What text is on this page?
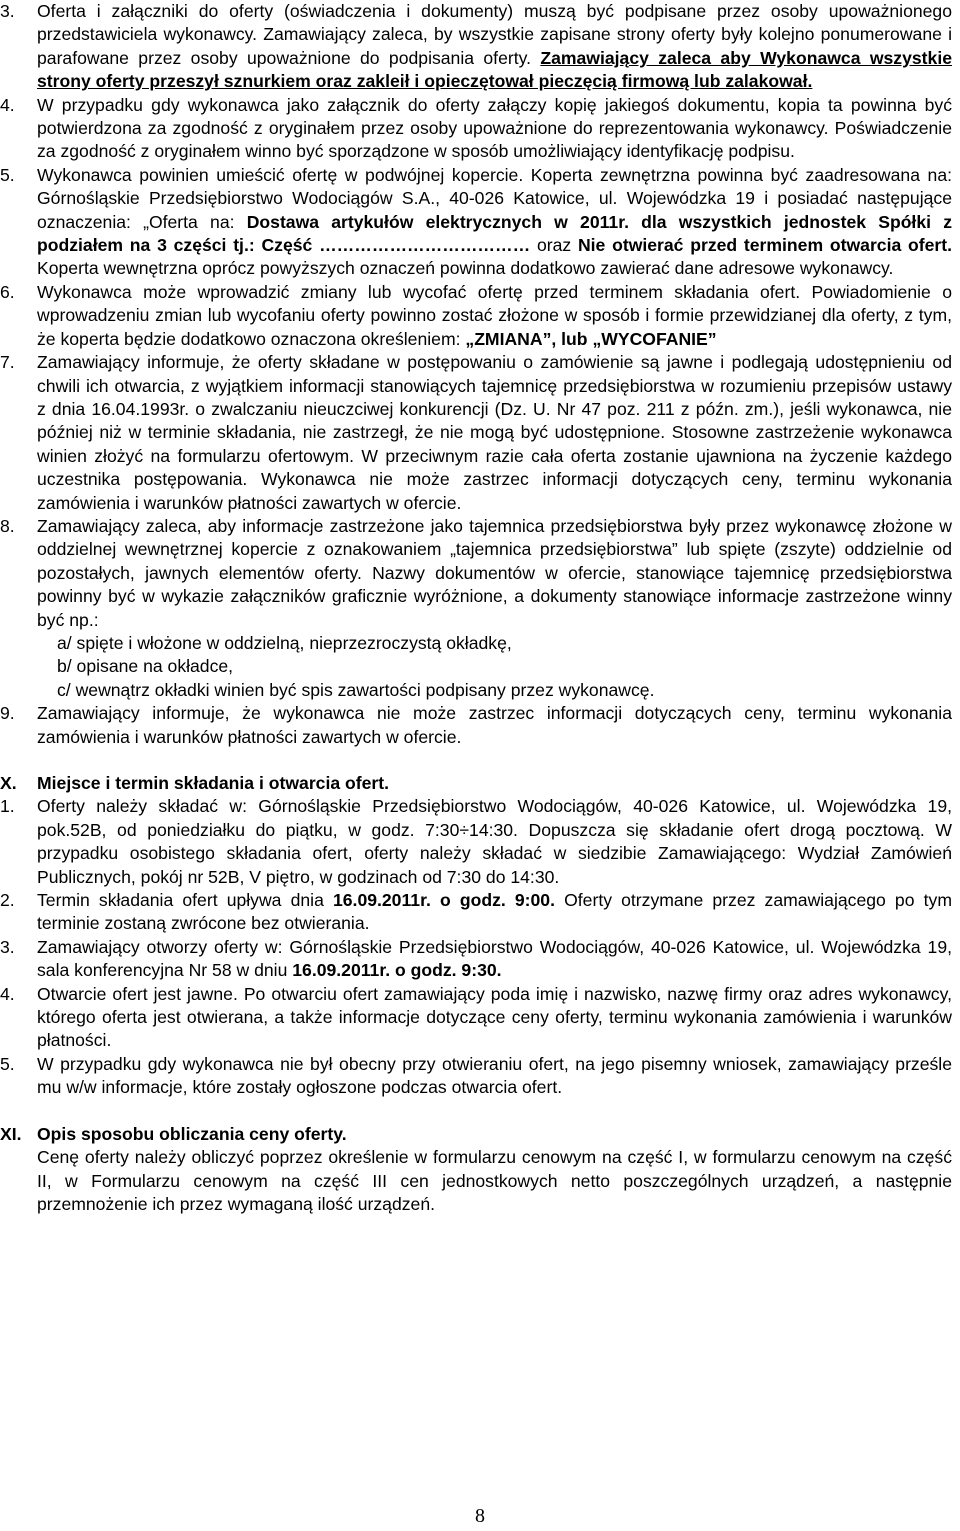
3. Oferta i załączniki do oferty (oświadczenia i dokumenty) muszą być podpisane przez osoby upoważnionego przedstawiciela wykonawcy. Zamawiający zaleca, by wszystkie zapisane strony oferty były kolejno ponumerowane i parafowane przez osoby upoważnione do podpisania oferty. Zamawiający zaleca aby Wykonawca wszystkie strony oferty przeszył sznurkiem oraz zakleił i opieczętował pieczęcią firmową lub zalakował.
4. W przypadku gdy wykonawca jako załącznik do oferty załączy kopię jakiegoś dokumentu, kopia ta powinna być potwierdzona za zgodność z oryginałem przez osoby upoważnione do reprezentowania wykonawcy. Poświadczenie za zgodność z oryginałem winno być sporządzone w sposób umożliwiający identyfikację podpisu.
5. Wykonawca powinien umieścić ofertę w podwójnej kopercie. Koperta zewnętrzna powinna być zaadresowana na: Górnośląskie Przedsiębiorstwo Wodociągów S.A., 40-026 Katowice, ul. Wojewódzka 19 i posiadać następujące oznaczenia: „Oferta na: Dostawa artykułów elektrycznych w 2011r. dla wszystkich jednostek Spółki z podziałem na 3 części tj.: Część ……………………………… oraz Nie otwierać przed terminem otwarcia ofert. Koperta wewnętrzna oprócz powyższych oznaczeń powinna dodatkowo zawierać dane adresowe wykonawcy.
6. Wykonawca może wprowadzić zmiany lub wycofać ofertę przed terminem składania ofert. Powiadomienie o wprowadzeniu zmian lub wycofaniu oferty powinno zostać złożone w sposób i formie przewidzianej dla oferty, z tym, że koperta będzie dodatkowo oznaczona określeniem: „ZMIANA”, lub „WYCOFANIE”
7. Zamawiający informuje, że oferty składane w postępowaniu o zamówienie są jawne i podlegają udostępnieniu od chwili ich otwarcia, z wyjątkiem informacji stanowiących tajemnicę przedsiębiorstwa w rozumieniu przepisów ustawy z dnia 16.04.1993r. o zwalczaniu nieuczciwej konkurencji (Dz. U. Nr 47 poz. 211 z późn. zm.), jeśli wykonawca, nie później niż w terminie składania, nie zastrzegł, że nie mogą być udostępnione. Stosowne zastrzeżenie wykonawca winien złożyć na formularzu ofertowym. W przeciwnym razie cała oferta zostanie ujawniona na życzenie każdego uczestnika postępowania. Wykonawca nie może zastrzec informacji dotyczących ceny, terminu wykonania zamówienia i warunków płatności zawartych w ofercie.
8. Zamawiający zaleca, aby informacje zastrzeżone jako tajemnica przedsiębiorstwa były przez wykonawcę złożone w oddzielnej wewnętrznej kopercie z oznakowaniem „tajemnica przedsiębiorstwa” lub spięte (zszyte) oddzielnie od pozostałych, jawnych elementów oferty. Nazwy dokumentów w ofercie, stanowiące tajemnicę przedsiębiorstwa powinny być w wykazie załączników graficznie wyróżnione, a dokumenty stanowiące informacje zastrzeżone winny być np.:
a/ spięte i włożone w oddzielną, nieprzezroczystą okładkę,
b/ opisane na okładce,
c/ wewnątrz okładki winien być spis zawartości podpisany przez wykonawcę.
9. Zamawiający informuje, że wykonawca nie może zastrzec informacji dotyczących ceny, terminu wykonania zamówienia i warunków płatności zawartych w ofercie.
X. Miejsce i termin składania i otwarcia ofert.
1. Oferty należy składać w: Górnośląskie Przedsiębiorstwo Wodociągów, 40-026 Katowice, ul. Wojewódzka 19, pok.52B, od poniedziałku do piątku, w godz. 7:30÷14:30. Dopuszcza się składanie ofert drogą pocztową. W przypadku osobistego składania ofert, oferty należy składać w siedzibie Zamawiającego: Wydział Zamówień Publicznych, pokój nr 52B, V piętro, w godzinach od 7:30 do 14:30.
2. Termin składania ofert upływa dnia 16.09.2011r. o godz. 9:00. Oferty otrzymane przez zamawiającego po tym terminie zostaną zwrócone bez otwierania.
3. Zamawiający otworzy oferty w: Górnośląskie Przedsiębiorstwo Wodociągów, 40-026 Katowice, ul. Wojewódzka 19, sala konferencyjna Nr 58 w dniu 16.09.2011r. o godz. 9:30.
4. Otwarcie ofert jest jawne. Po otwarciu ofert zamawiający poda imię i nazwisko, nazwę firmy oraz adres wykonawcy, którego oferta jest otwierana, a także informacje dotyczące ceny oferty, terminu wykonania zamówienia i warunków płatności.
5. W przypadku gdy wykonawca nie był obecny przy otwieraniu ofert, na jego pisemny wniosek, zamawiający prześle mu w/w informacje, które zostały ogłoszone podczas otwarcia ofert.
XI. Opis sposobu obliczania ceny oferty.
Cenę oferty należy obliczyć poprzez określenie w formularzu cenowym na część I, w formularzu cenowym na część II, w Formularzu cenowym na część III cen jednostkowych netto poszczególnych urządzeń, a następnie przemnożenie ich przez wymaganą ilość urządzeń.
8
